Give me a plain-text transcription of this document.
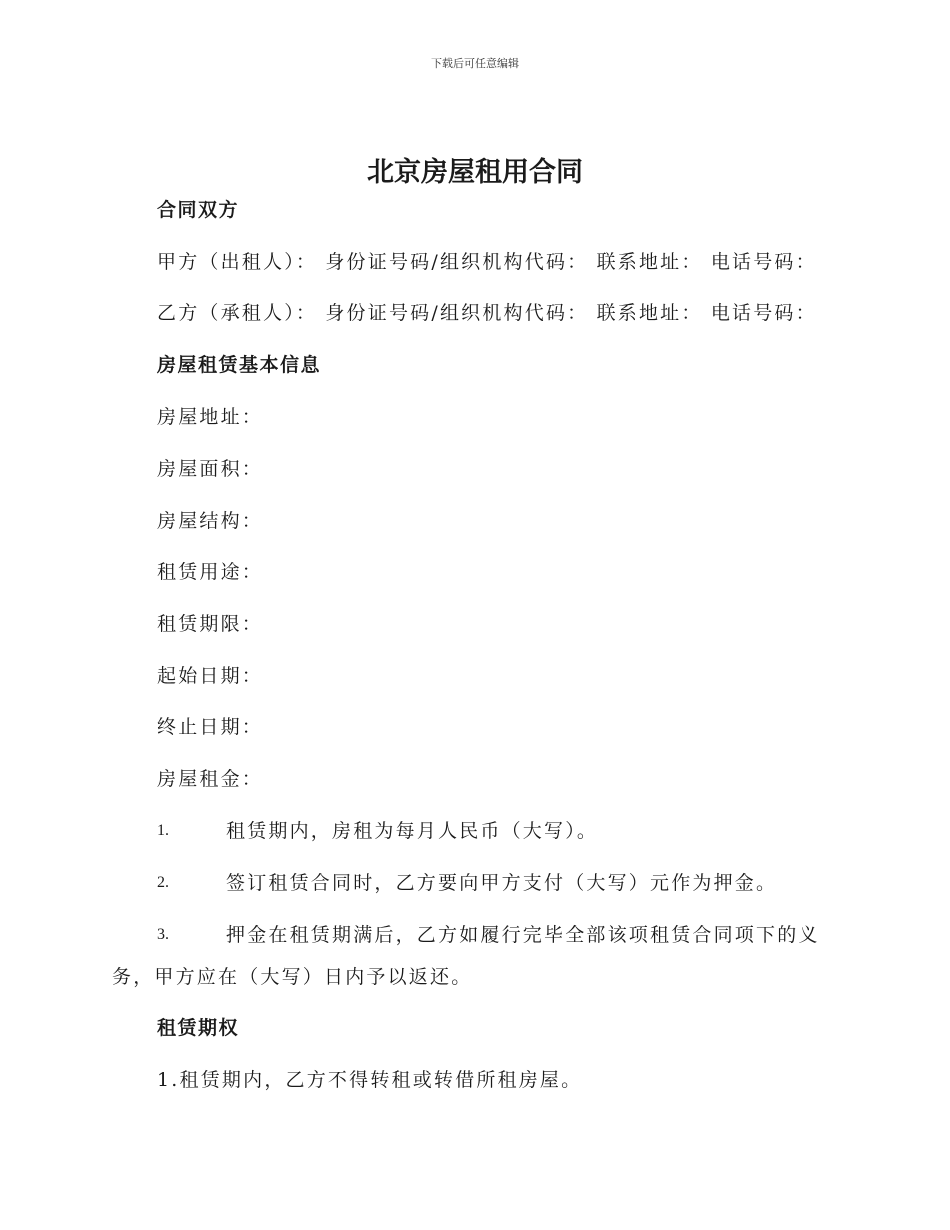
下载后可任意编辑
北京房屋租用合同
合同双方
甲方（出租人）： 身份证号码/组织机构代码： 联系地址： 电话号码：
乙方（承租人）： 身份证号码/组织机构代码： 联系地址： 电话号码：
房屋租赁基本信息
房屋地址：
房屋面积：
房屋结构：
租赁用途：
租赁期限：
起始日期：
终止日期：
房屋租金：
1.	租赁期内，房租为每月人民币（大写）。
2.	签订租赁合同时，乙方要向甲方支付（大写）元作为押金。
3.	押金在租赁期满后，乙方如履行完毕全部该项租赁合同项下的义
务，甲方应在（大写）日内予以返还。
租赁期权
1.租赁期内，乙方不得转租或转借所租房屋。
